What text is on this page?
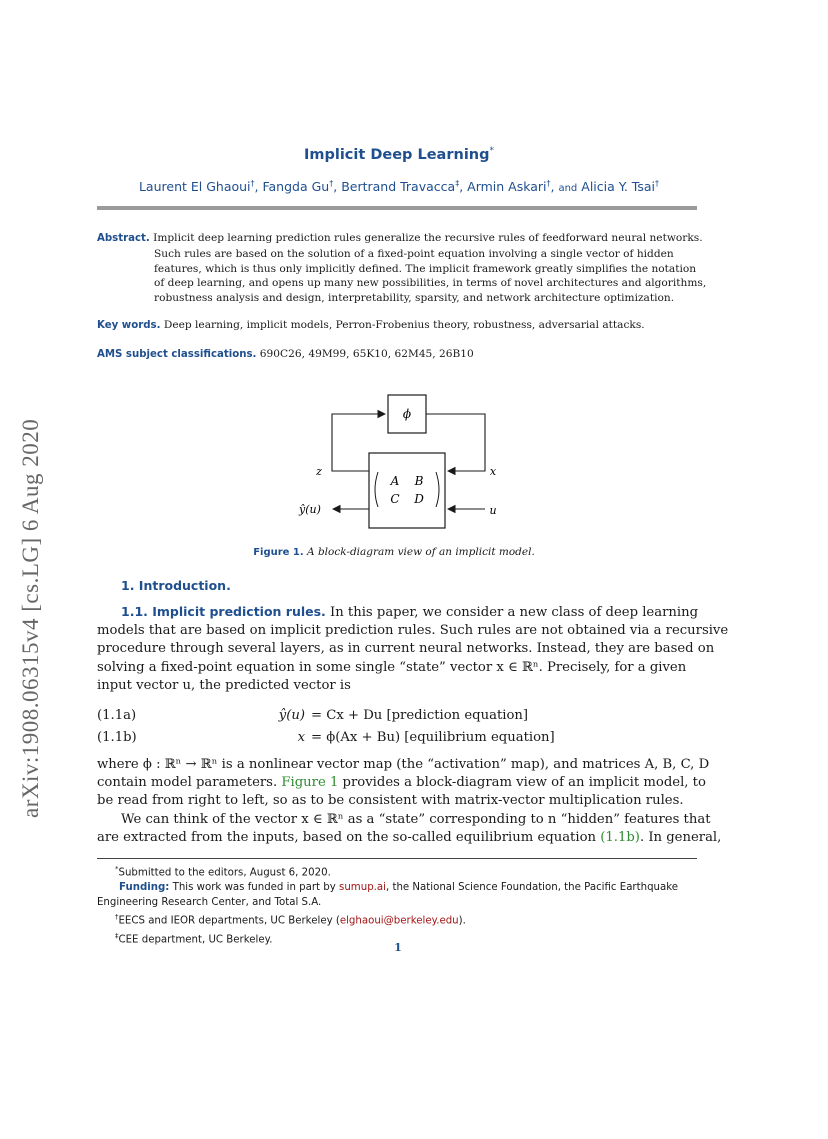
arXiv:1908.06315v4 [cs.LG] 6 Aug 2020
Implicit Deep Learning*
Laurent El Ghaoui†, Fangda Gu†, Bertrand Travacca‡, Armin Askari†, and Alicia Y. Tsai†
Abstract. Implicit deep learning prediction rules generalize the recursive rules of feedforward neural networks.
Such rules are based on the solution of a fixed-point equation involving a single vector of hidden
features, which is thus only implicitly defined. The implicit framework greatly simplifies the notation
of deep learning, and opens up many new possibilities, in terms of novel architectures and algorithms,
robustness analysis and design, interpretability, sparsity, and network architecture optimization.
Key words. Deep learning, implicit models, Perron-Frobenius theory, robustness, adversarial attacks.
AMS subject classifications. 690C26, 49M99, 65K10, 62M45, 26B10
ϕ
A B
C D
z	x
u
ŷ(u)
Figure 1. A block-diagram view of an implicit model.
1. Introduction.
1.1. Implicit prediction rules. In this paper, we consider a new class of deep learning
models that are based on implicit prediction rules. Such rules are not obtained via a recursive
procedure through several layers, as in current neural networks. Instead, they are based on
solving a fixed-point equation in some single “state” vector x ∈ ℝⁿ. Precisely, for a given
input vector u, the predicted vector is
(1.1a)	ŷ(u) = Cx + Du [prediction equation]
(1.1b)	x = ϕ(Ax + Bu) [equilibrium equation]
where ϕ : ℝⁿ → ℝⁿ is a nonlinear vector map (the “activation” map), and matrices A, B, C, D
contain model parameters. Figure 1 provides a block-diagram view of an implicit model, to
be read from right to left, so as to be consistent with matrix-vector multiplication rules.
We can think of the vector x ∈ ℝⁿ as a “state” corresponding to n “hidden” features that
are extracted from the inputs, based on the so-called equilibrium equation (1.1b). In general,
*Submitted to the editors, August 6, 2020.
Funding: This work was funded in part by sumup.ai, the National Science Foundation, the Pacific Earthquake
Engineering Research Center, and Total S.A.
†EECS and IEOR departments, UC Berkeley (elghaoui@berkeley.edu).
‡CEE department, UC Berkeley.
1
